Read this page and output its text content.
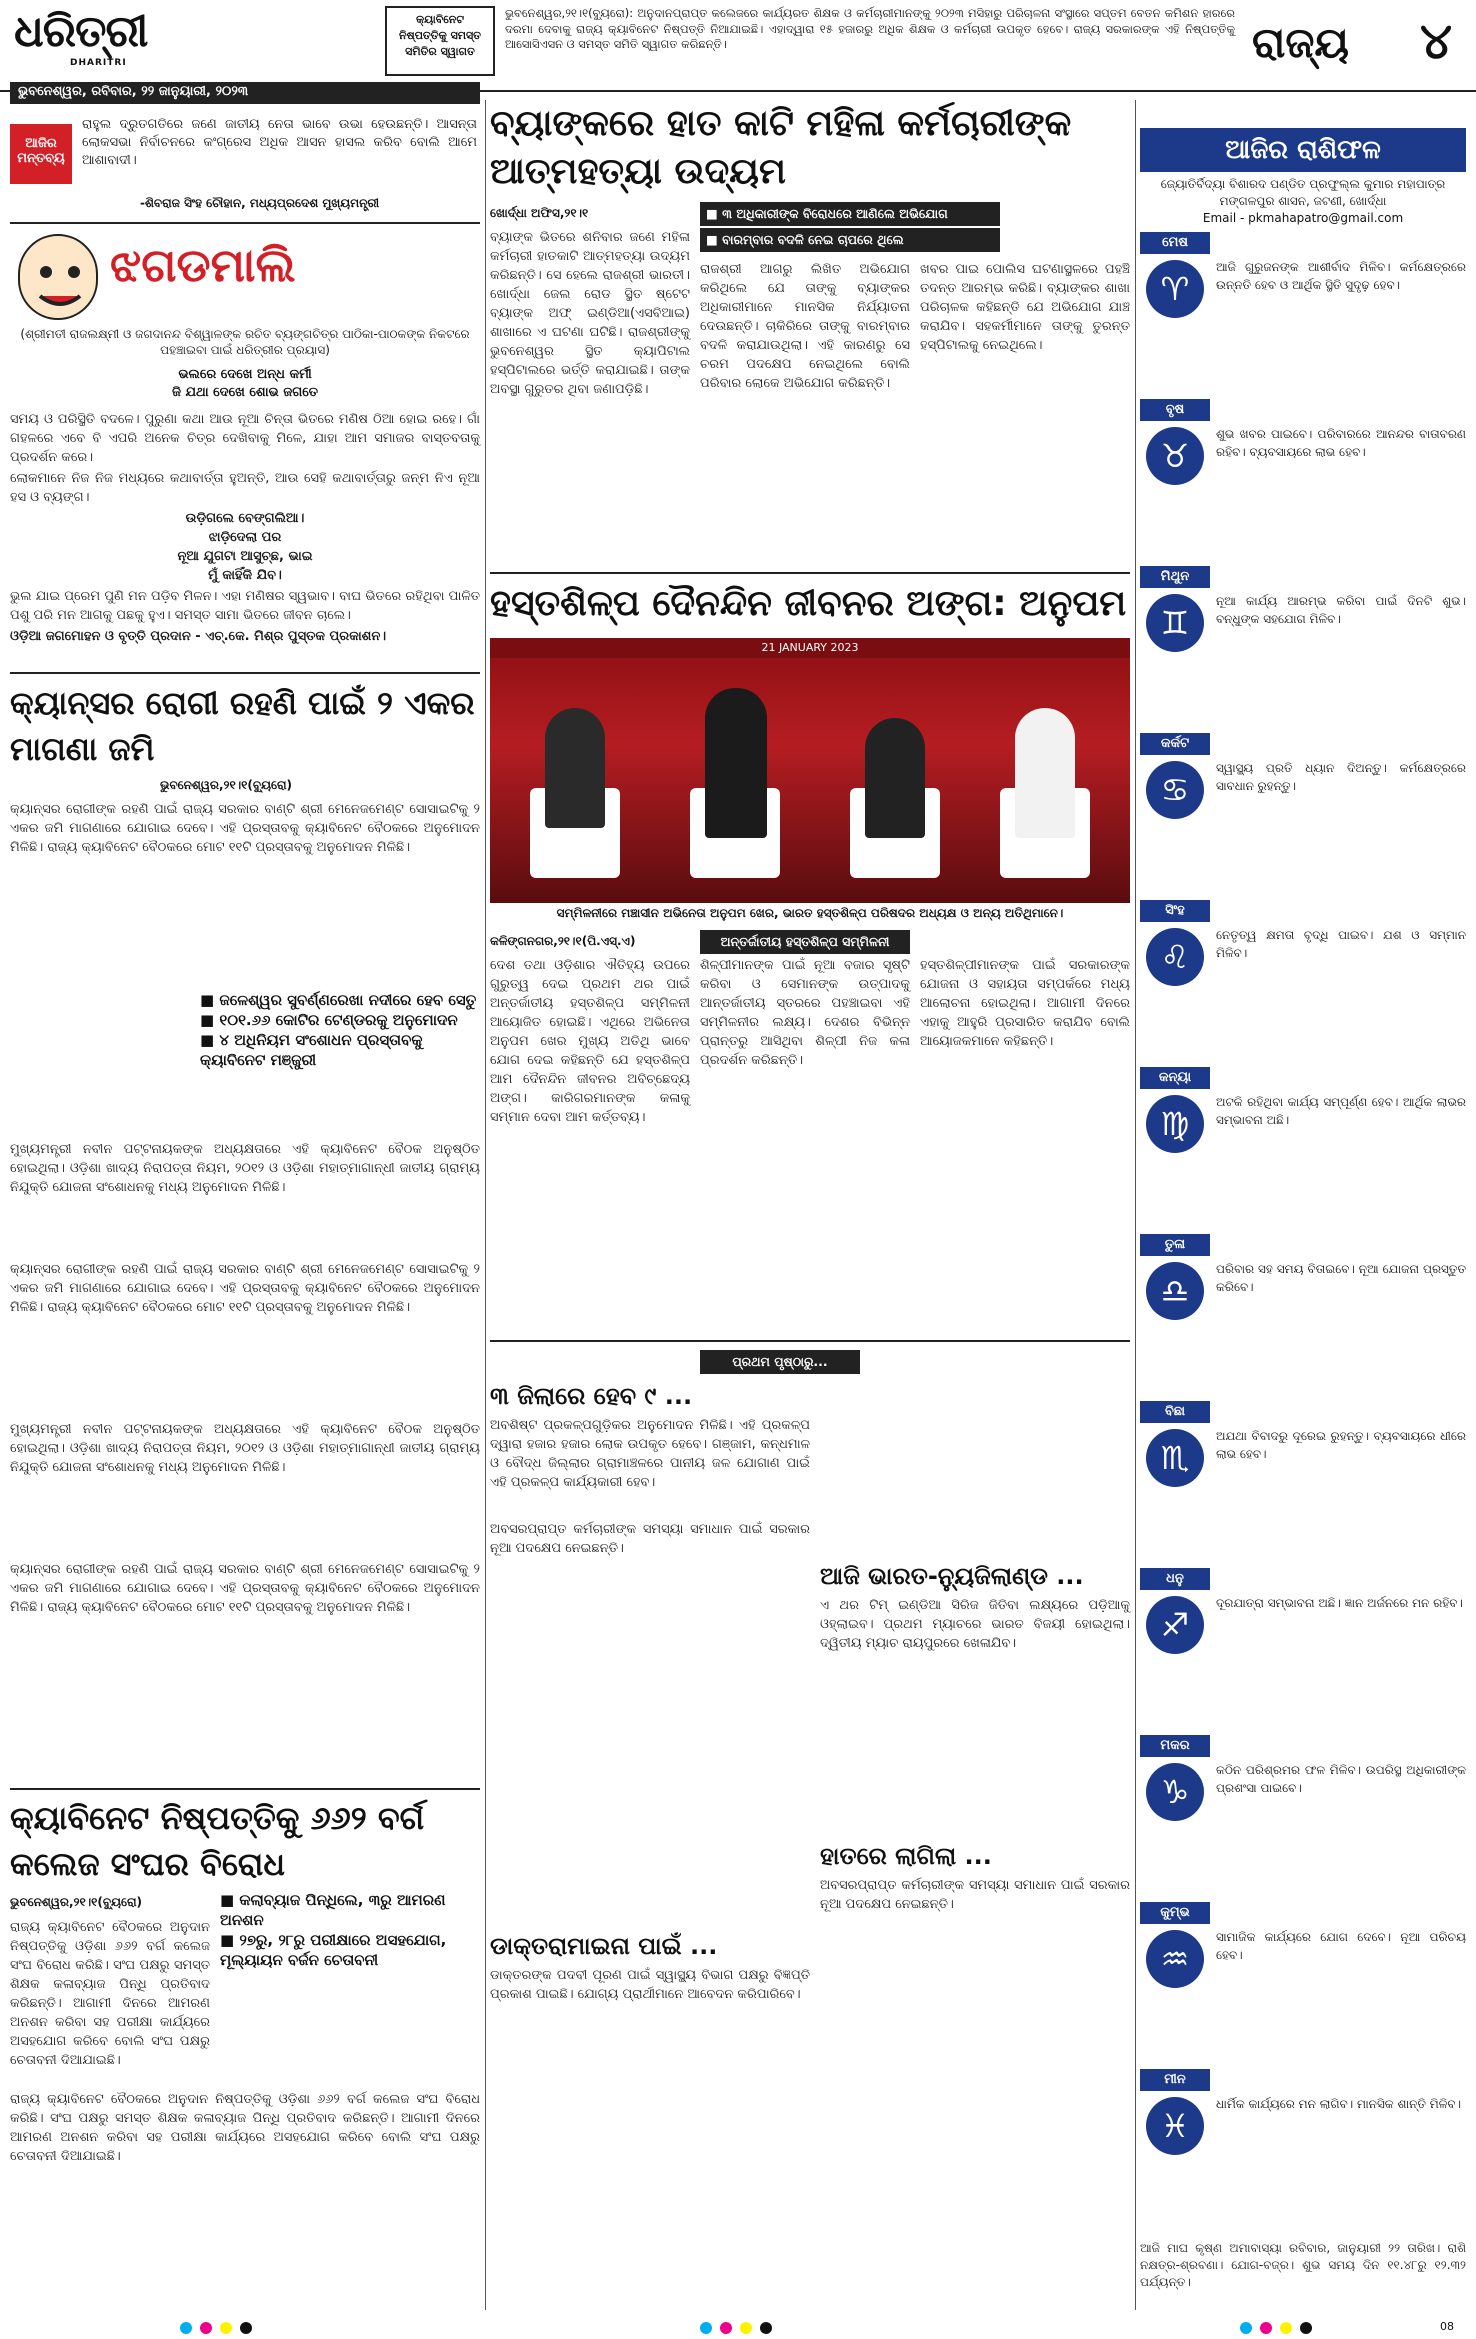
ଧରିତ୍ରୀ
DHARITRI
କ୍ୟାବିନେଟ ନିଷ୍ପତ୍ତିକୁ ସମସ୍ତ ସମିତିର ସ୍ୱାଗତ
ଭୁବନେଶ୍ୱର,୨୧।୧(ବ୍ୟୁରୋ): ଅନୁଦାନପ୍ରାପ୍ତ କଲେଜରେ କାର୍ଯ୍ୟରତ ଶିକ୍ଷକ ଓ କର୍ମଚାରୀମାନଙ୍କୁ ୨୦୨୩ ମସିହାରୁ ପରିଚାଳନା ସଂସ୍ଥାରେ ସପ୍ତମ ବେତନ କମିଶନ ହାରରେ ଦରମା ଦେବାକୁ ରାଜ୍ୟ କ୍ୟାବିନେଟ ନିଷ୍ପତ୍ତି ନିଆଯାଇଛି। ଏହାଦ୍ୱାରା ୧୫ ହଜାରରୁ ଅଧିକ ଶିକ୍ଷକ ଓ କର୍ମଚାରୀ ଉପକୃତ ହେବେ। ରାଜ୍ୟ ସରକାରଙ୍କ ଏହି ନିଷ୍ପତ୍ତିକୁ ଆସୋସିଏସନ ଓ ସମସ୍ତ ସମିତି ସ୍ୱାଗତ କରିଛନ୍ତି।	ରାଜ୍ୟ ୪
ଭୁବନେଶ୍ୱର, ରବିବାର, ୨୨ ଜାନୁୟାରୀ, ୨୦୨୩
ଆଜିର ମନ୍ତବ୍ୟ
ରାହୁଲ ଦ୍ରୁତଗତିରେ ଜଣେ ଜାତୀୟ ନେତା ଭାବେ ଉଭା ହେଉଛନ୍ତି। ଆସନ୍ତା ଲୋକସଭା ନିର୍ବାଚନରେ କଂଗ୍ରେସ ଅଧିକ ଆସନ ହାସଲ କରିବ ବୋଲି ଆମେ ଆଶାବାଦୀ।
-ଶିବରାଜ ସିଂହ ଚୌହାନ, ମଧ୍ୟପ୍ରଦେଶ ମୁଖ୍ୟମନ୍ତ୍ରୀ
ଝଗଡମାଲି
(ଶ୍ରୀମତୀ ରାଜଲକ୍ଷ୍ମୀ ଓ ଜଗଦାନନ୍ଦ ବିଶ୍ୱାଳଙ୍କ ରଚିତ ବ୍ୟଙ୍ଗଚିତ୍ର ପାଠିକା-ପାଠକଙ୍କ ନିକଟରେ ପହଞ୍ଚାଇବା ପାଇଁ ଧରିତ୍ରୀର ପ୍ରୟାସ)
ଭଲରେ ଦେଖେ ଅନ୍ଧ କର୍ମୀ
ଜି ଯଥା ଦେଖେ ଶୋଭ ଜଗତେ

ସମୟ ଓ ପରିସ୍ଥିତି ବଦଳେ। ପୁରୁଣା କଥା ଆଉ ନୂଆ ଚିନ୍ତା ଭିତରେ ମଣିଷ ଠିଆ ହୋଇ ରହେ। ଗାଁ ଗହଳରେ ଏବେ ବି ଏପରି ଅନେକ ଚିତ୍ର ଦେଖିବାକୁ ମିଳେ, ଯାହା ଆମ ସମାଜର ବାସ୍ତବତାକୁ ପ୍ରଦର୍ଶନ କରେ।

ଲୋକମାନେ ନିଜ ନିଜ ମଧ୍ୟରେ କଥାବାର୍ତ୍ତା ହୁଅନ୍ତି, ଆଉ ସେହି କଥାବାର୍ତ୍ତାରୁ ଜନ୍ମ ନିଏ ନୂଆ ହସ ଓ ବ୍ୟଙ୍ଗ।

ଉଡ଼ିଗଲେ ବେଙ୍ଗଲିଆ।
ଝାଡ଼ିଦେଲା ପର
ନୂଆ ଯୁଗଟା ଆସୁଚ୍ଛ, ଭାଇ
ମୁଁ କାହିଁକି ଯିବ।

ଭୁଲ ଯାଇ ପ୍ରେମ ପୁଣି ମନ ପଡ଼ିବ ମିଳନ। ଏହା ମଣିଷର ସ୍ୱଭାବ। ବାଘ ଭିତରେ ରହିଥିବା ପାଳିତ ପଶୁ ପରି ମନ ଆଗକୁ ପଛକୁ ହୁଏ। ସମସ୍ତ ସାମା ଭିତରେ ଜୀବନ ଚାଲେ।

ଓଡ଼ିଆ ଜଗମୋହନ ଓ ବୃତ୍ତି ପ୍ରଦାନ - ଏଚ୍.କେ. ମିଶ୍ର ପୁସ୍ତକ ପ୍ରକାଶନ।

କ୍ୟାନ୍ସର ରୋଗୀ ରହଣି ପାଇଁ ୨ ଏକର ମାଗଣା ଜମି
ଭୁବନେଶ୍ୱର,୨୧।୧(ବ୍ୟୁରୋ)
କ୍ୟାନ୍ସର ରୋଗୀଙ୍କ ରହଣି ପାଇଁ ରାଜ୍ୟ ସରକାର ବାଣ୍ଟି ଶ୍ରୀ ମେନେଜମେଣ୍ଟ ସୋସାଇଟିକୁ ୨ ଏକର ଜମି ମାଗଣାରେ ଯୋଗାଇ ଦେବେ। ଏହି ପ୍ରସ୍ତାବକୁ କ୍ୟାବିନେଟ ବୈଠକରେ ଅନୁମୋଦନ ମିଳିଛି। ରାଜ୍ୟ କ୍ୟାବିନେଟ ବୈଠକରେ ମୋଟ ୧୧ଟି ପ୍ରସ୍ତାବକୁ ଅନୁମୋଦନ ମିଳିଛି।
■ ଜଳେଶ୍ୱର ସୁବର୍ଣ୍ଣରେଖା ନଦୀରେ ହେବ ସେତୁ
■ ୧୦୧.୬୬ କୋଟିର ଟେଣ୍ଡରକୁ ଅନୁମୋଦନ
■ ୪ ଅଧିନିୟମ ସଂଶୋଧନ ପ୍ରସ୍ତାବକୁ କ୍ୟାବିନେଟ ମଞ୍ଜୁରୀ
ମୁଖ୍ୟମନ୍ତ୍ରୀ ନବୀନ ପଟ୍ଟନାୟକଙ୍କ ଅଧ୍ୟକ୍ଷତାରେ ଏହି କ୍ୟାବିନେଟ ବୈଠକ ଅନୁଷ୍ଠିତ ହୋଇଥିଲା। ଓଡ଼ିଶା ଖାଦ୍ୟ ନିରାପତ୍ତା ନିୟମ, ୨୦୧୨ ଓ ଓଡ଼ିଶା ମହାତ୍ମାଗାନ୍ଧୀ ଜାତୀୟ ଗ୍ରାମ୍ୟ ନିଯୁକ୍ତି ଯୋଜନା ସଂଶୋଧନକୁ ମଧ୍ୟ ଅନୁମୋଦନ ମିଳିଛି।
କ୍ୟାନ୍ସର ରୋଗୀଙ୍କ ରହଣି ପାଇଁ ରାଜ୍ୟ ସରକାର ବାଣ୍ଟି ଶ୍ରୀ ମେନେଜମେଣ୍ଟ ସୋସାଇଟିକୁ ୨ ଏକର ଜମି ମାଗଣାରେ ଯୋଗାଇ ଦେବେ। ଏହି ପ୍ରସ୍ତାବକୁ କ୍ୟାବିନେଟ ବୈଠକରେ ଅନୁମୋଦନ ମିଳିଛି। ରାଜ୍ୟ କ୍ୟାବିନେଟ ବୈଠକରେ ମୋଟ ୧୧ଟି ପ୍ରସ୍ତାବକୁ ଅନୁମୋଦନ ମିଳିଛି।
ମୁଖ୍ୟମନ୍ତ୍ରୀ ନବୀନ ପଟ୍ଟନାୟକଙ୍କ ଅଧ୍ୟକ୍ଷତାରେ ଏହି କ୍ୟାବିନେଟ ବୈଠକ ଅନୁଷ୍ଠିତ ହୋଇଥିଲା। ଓଡ଼ିଶା ଖାଦ୍ୟ ନିରାପତ୍ତା ନିୟମ, ୨୦୧୨ ଓ ଓଡ଼ିଶା ମହାତ୍ମାଗାନ୍ଧୀ ଜାତୀୟ ଗ୍ରାମ୍ୟ ନିଯୁକ୍ତି ଯୋଜନା ସଂଶୋଧନକୁ ମଧ୍ୟ ଅନୁମୋଦନ ମିଳିଛି।
କ୍ୟାନ୍ସର ରୋଗୀଙ୍କ ରହଣି ପାଇଁ ରାଜ୍ୟ ସରକାର ବାଣ୍ଟି ଶ୍ରୀ ମେନେଜମେଣ୍ଟ ସୋସାଇଟିକୁ ୨ ଏକର ଜମି ମାଗଣାରେ ଯୋଗାଇ ଦେବେ। ଏହି ପ୍ରସ୍ତାବକୁ କ୍ୟାବିନେଟ ବୈଠକରେ ଅନୁମୋଦନ ମିଳିଛି। ରାଜ୍ୟ କ୍ୟାବିନେଟ ବୈଠକରେ ମୋଟ ୧୧ଟି ପ୍ରସ୍ତାବକୁ ଅନୁମୋଦନ ମିଳିଛି।
କ୍ୟାବିନେଟ ନିଷ୍ପତ୍ତିକୁ ୬୬୨ ବର୍ଗ କଲେଜ ସଂଘର ବିରୋଧ
ଭୁବନେଶ୍ୱର,୨୧।୧(ବ୍ୟୁରୋ)	■ କଲାବ୍ୟାଜ ପିନ୍ଧିଲେ, ୩ରୁ ଆମରଣ ଅନଶନ
■ ୨୭ରୁ, ୨୮ରୁ ପରୀକ୍ଷାରେ ଅସହଯୋଗ, ମୂଲ୍ୟାୟନ ବର୍ଜନ ଚେତାବନୀ
ରାଜ୍ୟ କ୍ୟାବିନେଟ ବୈଠକରେ ଅନୁଦାନ ନିଷ୍ପତ୍ତିକୁ ଓଡ଼ିଶା ୬୬୨ ବର୍ଗ କଲେଜ ସଂଘ ବିରୋଧ କରିଛି। ସଂଘ ପକ୍ଷରୁ ସମସ୍ତ ଶିକ୍ଷକ କଳାବ୍ୟାଜ ପିନ୍ଧି ପ୍ରତିବାଦ କରିଛନ୍ତି। ଆଗାମୀ ଦିନରେ ଆମରଣ ଅନଶନ କରିବା ସହ ପରୀକ୍ଷା କାର୍ଯ୍ୟରେ ଅସହଯୋଗ କରିବେ ବୋଲି ସଂଘ ପକ୍ଷରୁ ଚେତାବନୀ ଦିଆଯାଇଛି।
ରାଜ୍ୟ କ୍ୟାବିନେଟ ବୈଠକରେ ଅନୁଦାନ ନିଷ୍ପତ୍ତିକୁ ଓଡ଼ିଶା ୬୬୨ ବର୍ଗ କଲେଜ ସଂଘ ବିରୋଧ କରିଛି। ସଂଘ ପକ୍ଷରୁ ସମସ୍ତ ଶିକ୍ଷକ କଳାବ୍ୟାଜ ପିନ୍ଧି ପ୍ରତିବାଦ କରିଛନ୍ତି। ଆଗାମୀ ଦିନରେ ଆମରଣ ଅନଶନ କରିବା ସହ ପରୀକ୍ଷା କାର୍ଯ୍ୟରେ ଅସହଯୋଗ କରିବେ ବୋଲି ସଂଘ ପକ୍ଷରୁ ଚେତାବନୀ ଦିଆଯାଇଛି।
ବ୍ୟାଙ୍କରେ ହାତ କାଟି ମହିଳା କର୍ମଚାରୀଙ୍କ ଆତ୍ମହତ୍ୟା ଉଦ୍ୟମ
ଖୋର୍ଦ୍ଧା ଅଫିସ,୨୧।୧	■ ୩ ଅଧିକାରୀଙ୍କ ବିରୋଧରେ ଆଣିଲେ ଅଭିଯୋଗ
■ ବାରମ୍ବାର ବଦଳି ନେଇ ଚାପରେ ଥିଲେ
ବ୍ୟାଙ୍କ ଭିତରେ ଶନିବାର ଜଣେ ମହିଳା କର୍ମଚାରୀ ହାତକାଟି ଆତ୍ମହତ୍ୟା ଉଦ୍ୟମ କରିଛନ୍ତି। ସେ ହେଲେ ରାଜଶ୍ରୀ ଭାରତୀ। ଖୋର୍ଦ୍ଧା ଜେଲ ରୋଡ ସ୍ଥିତ ଷ୍ଟେଟ ବ୍ୟାଙ୍କ ଅଫ୍ ଇଣ୍ଡିଆ(ଏସବିଆଇ) ଶାଖାରେ ଏ ଘଟଣା ଘଟିଛି। ରାଜଶ୍ରୀଙ୍କୁ ଭୁବନେଶ୍ୱର ସ୍ଥିତ କ୍ୟାପିଟାଲ ହସ୍ପିଟାଲରେ ଭର୍ତ୍ତି କରାଯାଇଛି। ତାଙ୍କ ଅବସ୍ଥା ଗୁରୁତର ଥିବା ଜଣାପଡ଼ିଛି।
ରାଜଶ୍ରୀ ଆଗରୁ ଲିଖିତ ଅଭିଯୋଗ କରିଥିଲେ ଯେ ତାଙ୍କୁ ବ୍ୟାଙ୍କର ଅଧିକାରୀମାନେ ମାନସିକ ନିର୍ଯ୍ୟାତନା ଦେଉଛନ୍ତି। ଚାକିରିରେ ତାଙ୍କୁ ବାରମ୍ବାର ବଦଳି କରାଯାଉଥିଲା। ଏହି କାରଣରୁ ସେ ଚରମ ପଦକ୍ଷେପ ନେଇଥିଲେ ବୋଲି ପରିବାର ଲୋକେ ଅଭିଯୋଗ କରିଛନ୍ତି।
ଖବର ପାଇ ପୋଲିସ ଘଟଣାସ୍ଥଳରେ ପହଞ୍ଚି ତଦନ୍ତ ଆରମ୍ଭ କରିଛି। ବ୍ୟାଙ୍କର ଶାଖା ପରିଚାଳକ କହିଛନ୍ତି ଯେ ଅଭିଯୋଗ ଯାଞ୍ଚ କରାଯିବ। ସହକର୍ମୀମାନେ ତାଙ୍କୁ ତୁରନ୍ତ ହସ୍ପିଟାଲକୁ ନେଇଥିଲେ।
ହସ୍ତଶିଳ୍ପ ଦୈନନ୍ଦିନ ଜୀବନର ଅଙ୍ଗ: ଅନୁପମ
21 JANUARY 2023
ସମ୍ମିଳନୀରେ ମଞ୍ଚାସୀନ ଅଭିନେତା ଅନୁପମ ଖେର, ଭାରତ ହସ୍ତଶିଳ୍ପ ପରିଷଦର ଅଧ୍ୟକ୍ଷ ଓ ଅନ୍ୟ ଅତିଥିମାନେ।
କଳିଙ୍ଗନଗର,୨୧।୧(ପି.ଏସ୍.ଏ)	ଅନ୍ତର୍ଜାତୀୟ ହସ୍ତଶିଳ୍ପ ସମ୍ମିଳନୀ
ଦେଶ ତଥା ଓଡ଼ିଶାର ଐତିହ୍ୟ ଉପରେ ଗୁରୁତ୍ୱ ଦେଇ ପ୍ରଥମ ଥର ପାଇଁ ଅନ୍ତର୍ଜାତୀୟ ହସ୍ତଶିଳ୍ପ ସମ୍ମିଳନୀ ଆୟୋଜିତ ହୋଇଛି। ଏଥିରେ ଅଭିନେତା ଅନୁପମ ଖେର ମୁଖ୍ୟ ଅତିଥି ଭାବେ ଯୋଗ ଦେଇ କହିଛନ୍ତି ଯେ ହସ୍ତଶିଳ୍ପ ଆମ ଦୈନନ୍ଦିନ ଜୀବନର ଅବିଚ୍ଛେଦ୍ୟ ଅଙ୍ଗ। କାରିଗରମାନଙ୍କ କଳାକୁ ସମ୍ମାନ ଦେବା ଆମ କର୍ତ୍ତବ୍ୟ।
ଶିଳ୍ପୀମାନଙ୍କ ପାଇଁ ନୂଆ ବଜାର ସୃଷ୍ଟି କରିବା ଓ ସେମାନଙ୍କ ଉତ୍ପାଦକୁ ଆନ୍ତର୍ଜାତୀୟ ସ୍ତରରେ ପହଞ୍ଚାଇବା ଏହି ସମ୍ମିଳନୀର ଲକ୍ଷ୍ୟ। ଦେଶର ବିଭିନ୍ନ ପ୍ରାନ୍ତରୁ ଆସିଥିବା ଶିଳ୍ପୀ ନିଜ କଳା ପ୍ରଦର୍ଶନ କରିଛନ୍ତି।
ହସ୍ତଶିଳ୍ପୀମାନଙ୍କ ପାଇଁ ସରକାରଙ୍କ ଯୋଜନା ଓ ସହାୟତା ସମ୍ପର୍କରେ ମଧ୍ୟ ଆଲୋଚନା ହୋଇଥିଲା। ଆଗାମୀ ଦିନରେ ଏହାକୁ ଆହୁରି ପ୍ରସାରିତ କରାଯିବ ବୋଲି ଆୟୋଜକମାନେ କହିଛନ୍ତି।
ପ୍ରଥମ ପୃଷ୍ଠାରୁ...
୩ ଜିଲାରେ ହେବ ୯ ...
ଅବଶିଷ୍ଟ ପ୍ରକଳ୍ପଗୁଡ଼ିକର ଅନୁମୋଦନ ମିଳିଛି। ଏହି ପ୍ରକଳ୍ପ ଦ୍ୱାରା ହଜାର ହଜାର ଲୋକ ଉପକୃତ ହେବେ। ଗଞ୍ଜାମ, କନ୍ଧମାଳ ଓ ବୌଦ୍ଧ ଜିଲ୍ଲାର ଗ୍ରାମାଞ୍ଚଳରେ ପାନୀୟ ଜଳ ଯୋଗାଣ ପାଇଁ ଏହି ପ୍ରକଳ୍ପ କାର୍ଯ୍ୟକାରୀ ହେବ।
ଅବସରପ୍ରାପ୍ତ କର୍ମଚାରୀଙ୍କ ସମସ୍ୟା ସମାଧାନ ପାଇଁ ସରକାର ନୂଆ ପଦକ୍ଷେପ ନେଇଛନ୍ତି।
ଆଜି ଭାରତ-ନ୍ୟୁଜିଲାଣ୍ଡ ...
ଏ ଥର ଟିମ୍ ଇଣ୍ଡିଆ ସିରିଜ ଜିତିବା ଲକ୍ଷ୍ୟରେ ପଡ଼ିଆକୁ ଓହ୍ଲାଇବ। ପ୍ରଥମ ମ୍ୟାଚରେ ଭାରତ ବିଜୟୀ ହୋଇଥିଲା। ଦ୍ୱିତୀୟ ମ୍ୟାଚ ରାୟପୁରରେ ଖେଳାଯିବ।
ହାତରେ ଲାଗିଲା ...
ଅବସରପ୍ରାପ୍ତ କର୍ମଚାରୀଙ୍କ ସମସ୍ୟା ସମାଧାନ ପାଇଁ ସରକାର ନୂଆ ପଦକ୍ଷେପ ନେଇଛନ୍ତି।
ଡାକ୍ତରାମାଇନା ପାଇଁ ...
ଡାକ୍ତରଙ୍କ ପଦବୀ ପୂରଣ ପାଇଁ ସ୍ୱାସ୍ଥ୍ୟ ବିଭାଗ ପକ୍ଷରୁ ବିଜ୍ଞପ୍ତି ପ୍ରକାଶ ପାଇଛି। ଯୋଗ୍ୟ ପ୍ରାର୍ଥୀମାନେ ଆବେଦନ କରିପାରିବେ।
ଆଜିର ରାଶିଫଳ
ଜ୍ୟୋତିର୍ବିଦ୍ୟା ବିଶାରଦ ପଣ୍ଡିତ ପ୍ରଫୁଲ୍ଲ କୁମାର ମହାପାତ୍ର
ମଙ୍ଗଳପୁର ଶାସନ, ଜଟଣୀ, ଖୋର୍ଦ୍ଧା
Email - pkmahapatro@gmail.com
ମେଷ
♈
ଆଜି ଗୁରୁଜନଙ୍କ ଆଶୀର୍ବାଦ ମିଳିବ। କର୍ମକ୍ଷେତ୍ରରେ ଉନ୍ନତି ହେବ ଓ ଆର୍ଥିକ ସ୍ଥିତି ସୁଦୃଢ଼ ହେବ।
ବୃଷ
♉
ଶୁଭ ଖବର ପାଇବେ। ପରିବାରରେ ଆନନ୍ଦର ବାତାବରଣ ରହିବ। ବ୍ୟବସାୟରେ ଲାଭ ହେବ।
ମିଥୁନ
♊
ନୂଆ କାର୍ଯ୍ୟ ଆରମ୍ଭ କରିବା ପାଇଁ ଦିନଟି ଶୁଭ। ବନ୍ଧୁଙ୍କ ସହଯୋଗ ମିଳିବ।
କର୍କଟ
♋
ସ୍ୱାସ୍ଥ୍ୟ ପ୍ରତି ଧ୍ୟାନ ଦିଅନ୍ତୁ। କର୍ମକ୍ଷେତ୍ରରେ ସାବଧାନ ରୁହନ୍ତୁ।
ସିଂହ
♌
ନେତୃତ୍ୱ କ୍ଷମତା ବୃଦ୍ଧି ପାଇବ। ଯଶ ଓ ସମ୍ମାନ ମିଳିବ।
କନ୍ୟା
♍
ଅଟକି ରହିଥିବା କାର୍ଯ୍ୟ ସମ୍ପୂର୍ଣ୍ଣ ହେବ। ଆର୍ଥିକ ଲାଭର ସମ୍ଭାବନା ଅଛି।
ତୁଳା
♎
ପରିବାର ସହ ସମୟ ବିତାଇବେ। ନୂଆ ଯୋଜନା ପ୍ରସ୍ତୁତ କରିବେ।
ବିଛା
♏
ଅଯଥା ବିବାଦରୁ ଦୂରେଇ ରୁହନ୍ତୁ। ବ୍ୟବସାୟରେ ଧୀରେ ଲାଭ ହେବ।
ଧନୁ
♐
ଦୂରଯାତ୍ରା ସମ୍ଭାବନା ଅଛି। ଜ୍ଞାନ ଅର୍ଜନରେ ମନ ରହିବ।
ମକର
♑
କଠିନ ପରିଶ୍ରମର ଫଳ ମିଳିବ। ଉପରିସ୍ଥ ଅଧିକାରୀଙ୍କ ପ୍ରଶଂସା ପାଇବେ।
କୁମ୍ଭ
♒
ସାମାଜିକ କାର୍ଯ୍ୟରେ ଯୋଗ ଦେବେ। ନୂଆ ପରିଚୟ ହେବ।
ମୀନ
♓
ଧାର୍ମିକ କାର୍ଯ୍ୟରେ ମନ ଲାଗିବ। ମାନସିକ ଶାନ୍ତି ମିଳିବ।
ଆଜି ମାଘ କୃଷ୍ଣ ଅମାବାସ୍ୟା ରବିବାର, ଜାନୁୟାରୀ ୨୨ ତାରିଖ। ରାଶି ନକ୍ଷତ୍ର-ଶ୍ରବଣା। ଯୋଗ-ବଜ୍ର। ଶୁଭ ସମୟ ଦିନ ୧୧.୪୮ରୁ ୧୨.୩୨ ପର୍ଯ୍ୟନ୍ତ।
08
